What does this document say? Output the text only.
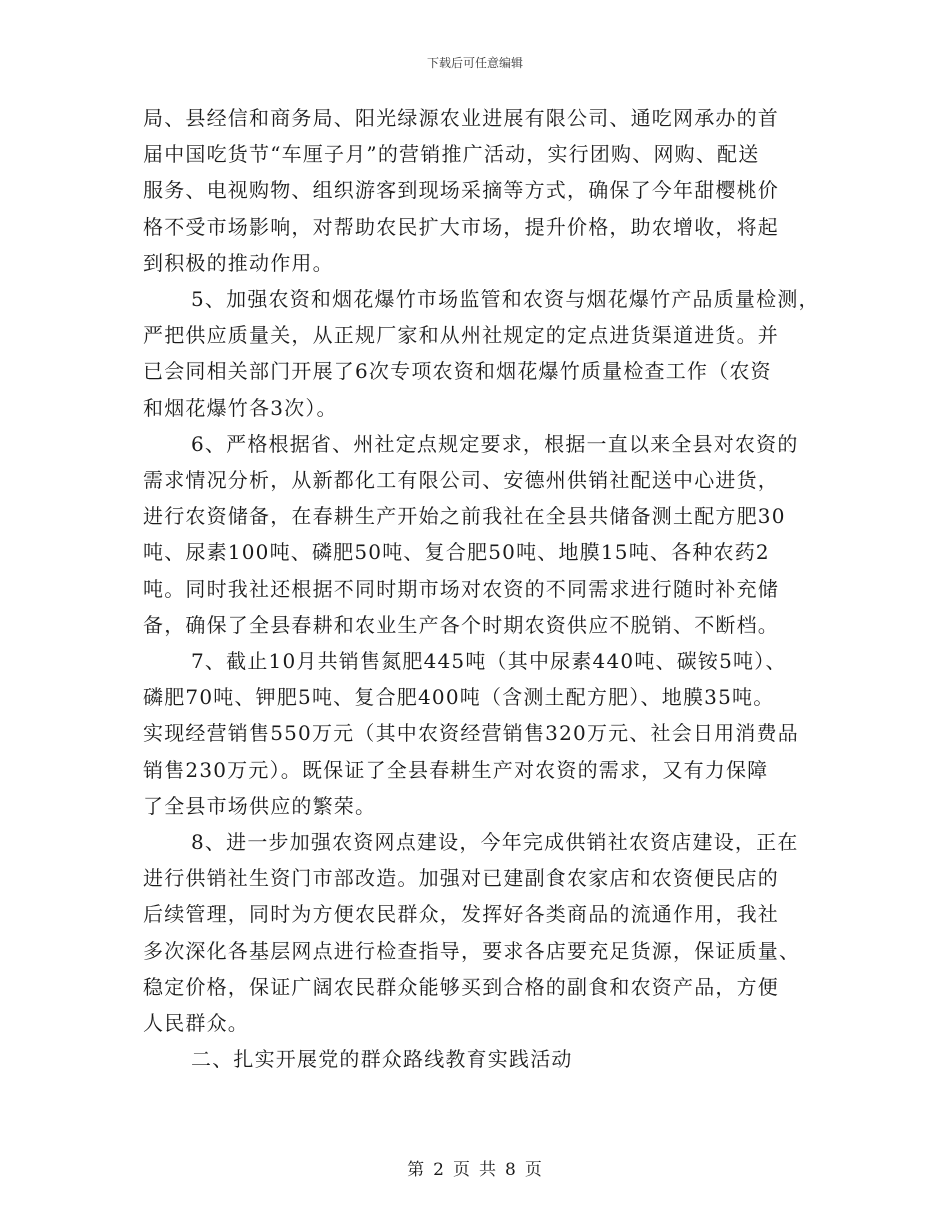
下载后可任意编辑

局、县经信和商务局、阳光绿源农业进展有限公司、通吃网承办的首
届中国吃货节“车厘子月”的营销推广活动，实行团购、网购、配送
服务、电视购物、组织游客到现场采摘等方式，确保了今年甜樱桃价
格不受市场影响，对帮助农民扩大市场，提升价格，助农增收，将起
到积极的推动作用。

5、加强农资和烟花爆竹市场监管和农资与烟花爆竹产品质量检测，
严把供应质量关，从正规厂家和从州社规定的定点进货渠道进货。并
已会同相关部门开展了6次专项农资和烟花爆竹质量检查工作（农资
和烟花爆竹各3次）。

6、严格根据省、州社定点规定要求，根据一直以来全县对农资的
需求情况分析，从新都化工有限公司、安德州供销社配送中心进货，
进行农资储备，在春耕生产开始之前我社在全县共储备测土配方肥30
吨、尿素100吨、磷肥50吨、复合肥50吨、地膜15吨、各种农药2
吨。同时我社还根据不同时期市场对农资的不同需求进行随时补充储
备，确保了全县春耕和农业生产各个时期农资供应不脱销、不断档。

7、截止10月共销售氮肥445吨（其中尿素440吨、碳铵5吨）、
磷肥70吨、钾肥5吨、复合肥400吨（含测土配方肥）、地膜35吨。
实现经营销售550万元（其中农资经营销售320万元、社会日用消费品
销售230万元）。既保证了全县春耕生产对农资的需求，又有力保障
了全县市场供应的繁荣。

8、进一步加强农资网点建设，今年完成供销社农资店建设，正在
进行供销社生资门市部改造。加强对已建副食农家店和农资便民店的
后续管理，同时为方便农民群众，发挥好各类商品的流通作用，我社
多次深化各基层网点进行检查指导，要求各店要充足货源，保证质量、
稳定价格，保证广阔农民群众能够买到合格的副食和农资产品，方便
人民群众。

二、扎实开展党的群众路线教育实践活动

第 2 页 共 8 页
